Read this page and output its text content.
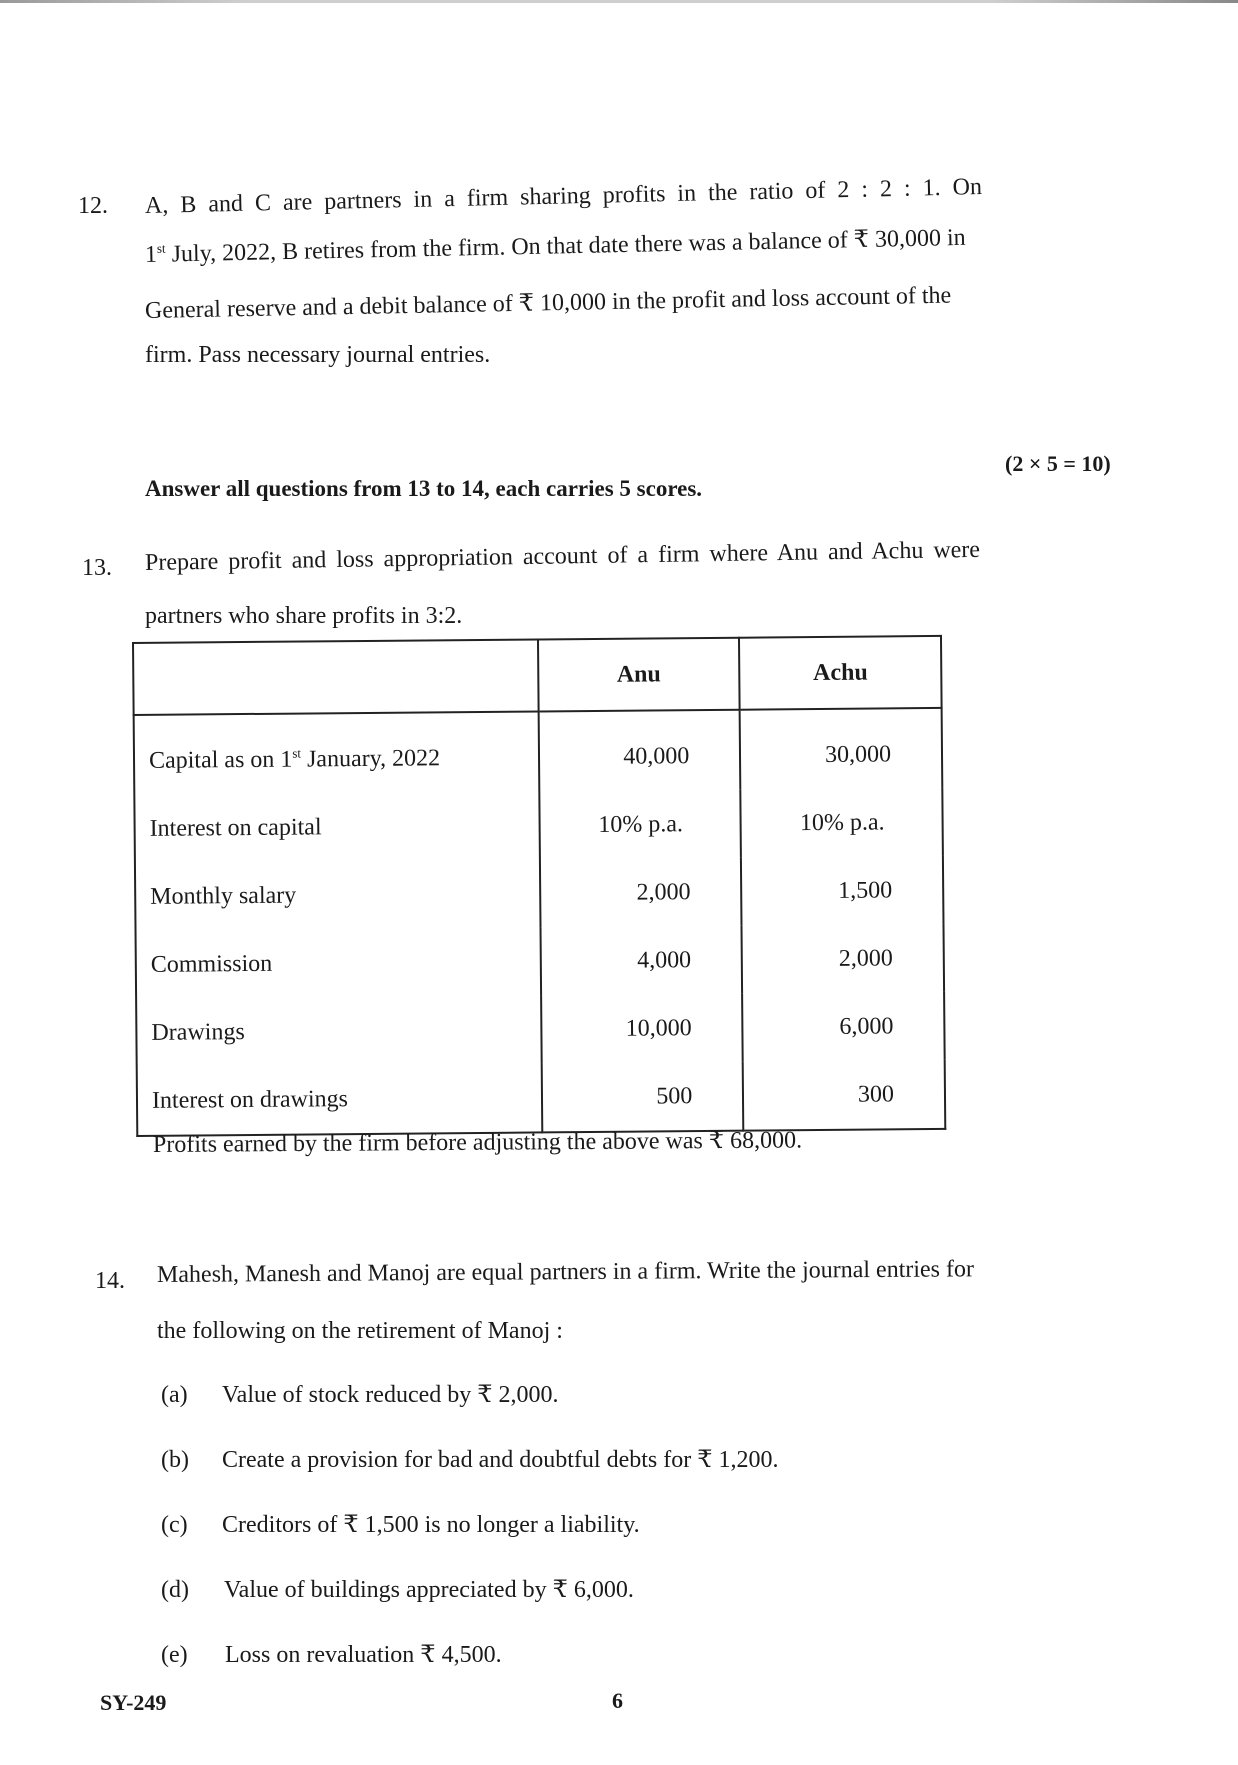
12. A, B and C are partners in a firm sharing profits in the ratio of 2 : 2 : 1. On
1st July, 2022, B retires from the firm. On that date there was a balance of ₹ 30,000 in
General reserve and a debit balance of ₹ 10,000 in the profit and loss account of the
firm. Pass necessary journal entries.
Answer all questions from 13 to 14, each carries 5 scores.
(2 × 5 = 10)
13. Prepare profit and loss appropriation account of a firm where Anu and Achu were
partners who share profits in 3:2.
	Anu	Achu
Capital as on 1st January, 2022	40,000	30,000
Interest on capital	10% p.a.	10% p.a.
Monthly salary	2,000	1,500
Commission	4,000	2,000
Drawings	10,000	6,000
Interest on drawings	500	300
Profits earned by the firm before adjusting the above was ₹ 68,000.
14. Mahesh, Manesh and Manoj are equal partners in a firm. Write the journal entries for
the following on the retirement of Manoj :
(a) Value of stock reduced by ₹ 2,000.
(b) Create a provision for bad and doubtful debts for ₹ 1,200.
(c) Creditors of ₹ 1,500 is no longer a liability.
(d) Value of buildings appreciated by ₹ 6,000.
(e) Loss on revaluation ₹ 4,500.
SY-249	6
